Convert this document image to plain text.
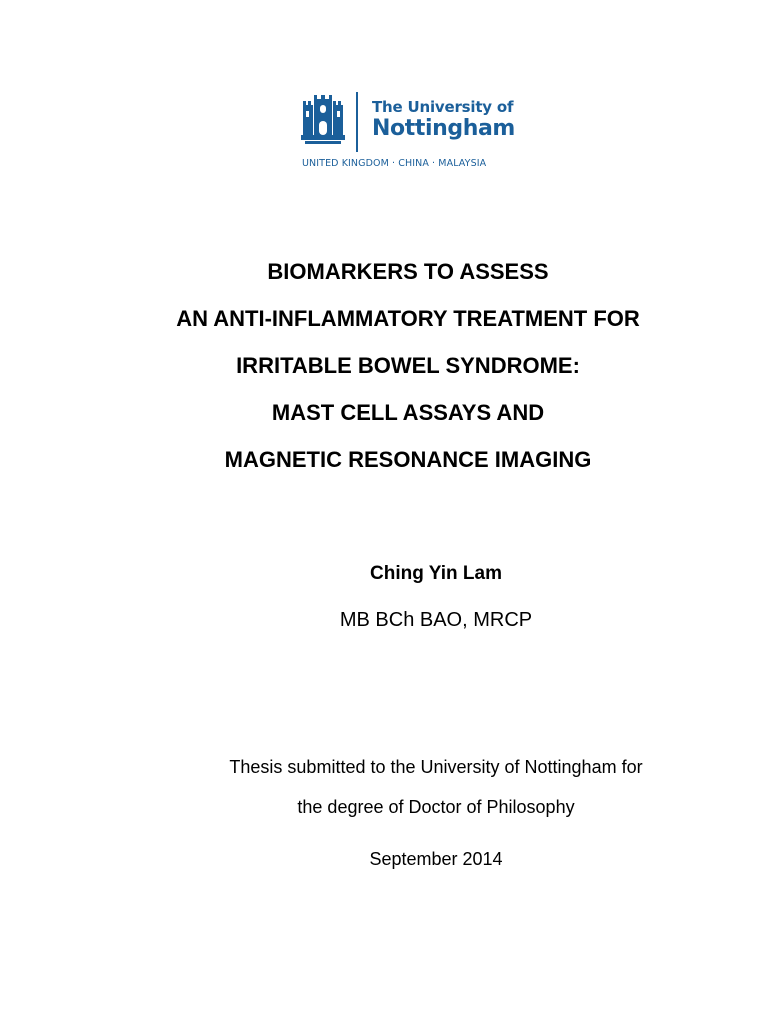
The University of
Nottingham
UNITED KINGDOM · CHINA · MALAYSIA
BIOMARKERS TO ASSESS
AN ANTI-INFLAMMATORY TREATMENT FOR
IRRITABLE BOWEL SYNDROME:
MAST CELL ASSAYS AND
MAGNETIC RESONANCE IMAGING
Ching Yin Lam
MB BCh BAO, MRCP
Thesis submitted to the University of Nottingham for
the degree of Doctor of Philosophy
September 2014
